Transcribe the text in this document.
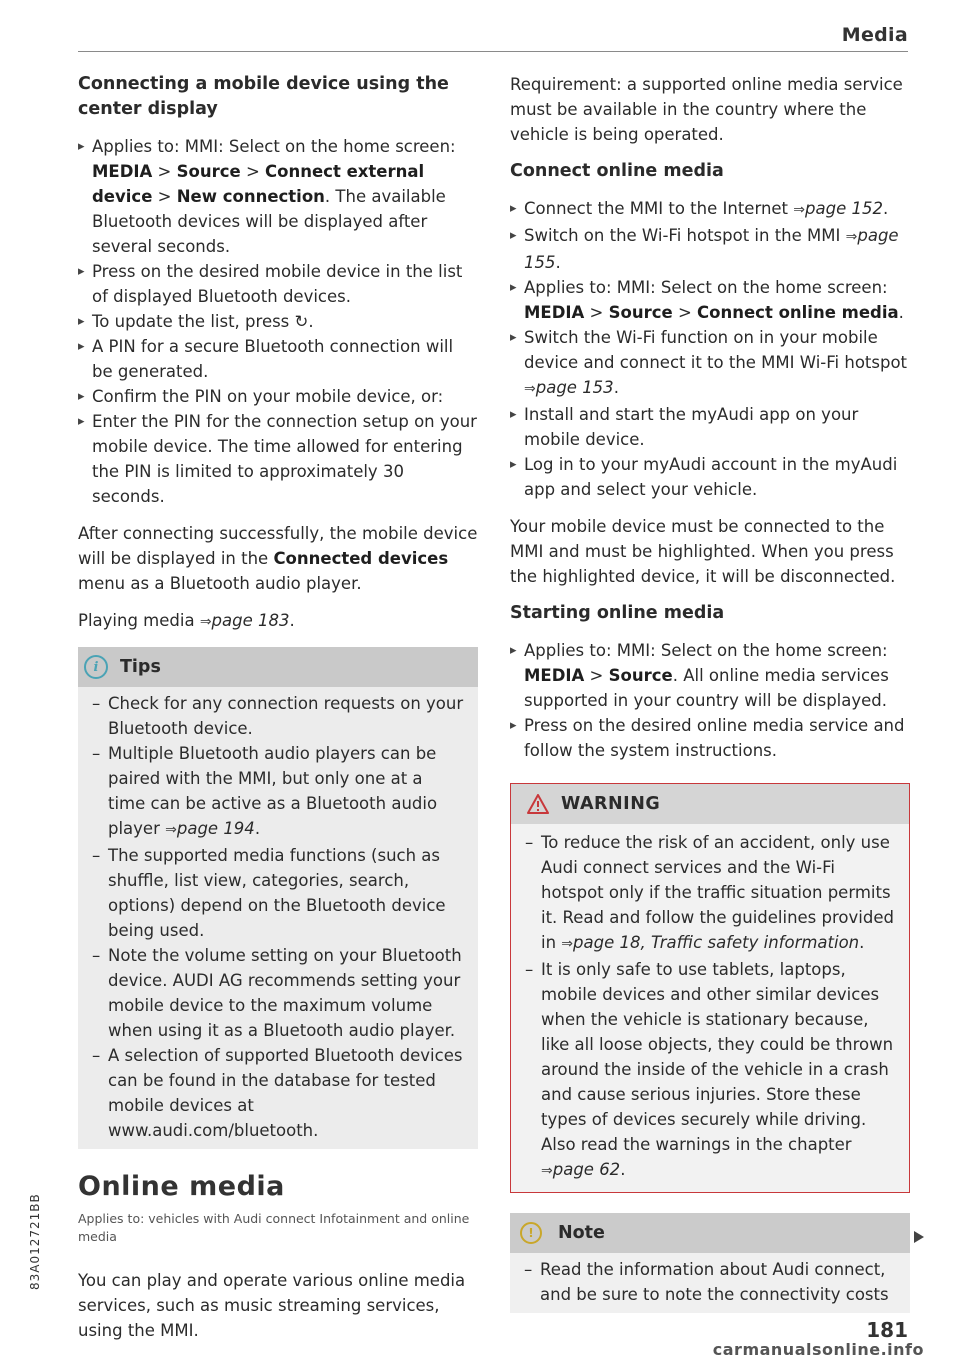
Media
Connecting a mobile device using the center display
▸ Applies to: MMI: Select on the home screen: MEDIA > Source > Connect external device > New connection. The available Bluetooth devices will be displayed after several seconds.
▸ Press on the desired mobile device in the list of displayed Bluetooth devices.
▸ To update the list, press ↻.
▸ A PIN for a secure Bluetooth connection will be generated.
▸ Confirm the PIN on your mobile device, or:
▸ Enter the PIN for the connection setup on your mobile device. The time allowed for entering the PIN is limited to approximately 30 seconds.

After connecting successfully, the mobile device will be displayed in the Connected devices menu as a Bluetooth audio player.

Playing media ⇒page 183.

i	Tips
– Check for any connection requests on your Bluetooth device.
– Multiple Bluetooth audio players can be paired with the MMI, but only one at a time can be active as a Bluetooth audio player ⇒page 194.
– The supported media functions (such as shuffle, list view, categories, search, options) depend on the Bluetooth device being used.
– Note the volume setting on your Bluetooth device. AUDI AG recommends setting your mobile device to the maximum volume when using it as a Bluetooth audio player.
– A selection of supported Bluetooth devices can be found in the database for tested mobile devices at www.audi.com/bluetooth.
Online media
Applies to: vehicles with Audi connect Infotainment and online media

You can play and operate various online media services, such as music streaming services, using the MMI.

Requirement: a supported online media service must be available in the country where the vehicle is being operated.

Connect online media
▸ Connect the MMI to the Internet ⇒page 152.
▸ Switch on the Wi-Fi hotspot in the MMI ⇒page 155.
▸ Applies to: MMI: Select on the home screen: MEDIA > Source > Connect online media.
▸ Switch the Wi-Fi function on in your mobile device and connect it to the MMI Wi-Fi hotspot ⇒page 153.
▸ Install and start the myAudi app on your mobile device.
▸ Log in to your myAudi account in the myAudi app and select your vehicle.

Your mobile device must be connected to the MMI and must be highlighted. When you press the highlighted device, it will be disconnected.

Starting online media
▸ Applies to: MMI: Select on the home screen: MEDIA > Source. All online media services supported in your country will be displayed.
▸ Press on the desired online media service and follow the system instructions.
WARNING
– To reduce the risk of an accident, only use Audi connect services and the Wi-Fi hotspot only if the traffic situation permits it. Read and follow the guidelines provided in ⇒page 18, Traffic safety information.
– It is only safe to use tablets, laptops, mobile devices and other similar devices when the vehicle is stationary because, like all loose objects, they could be thrown around the inside of the vehicle in a crash and cause serious injuries. Store these types of devices securely while driving. Also read the warnings in the chapter ⇒page 62.
!	Note
– Read the information about Audi connect, and be sure to note the connectivity costs
83A012721BB
181
carmanualsonline.info
